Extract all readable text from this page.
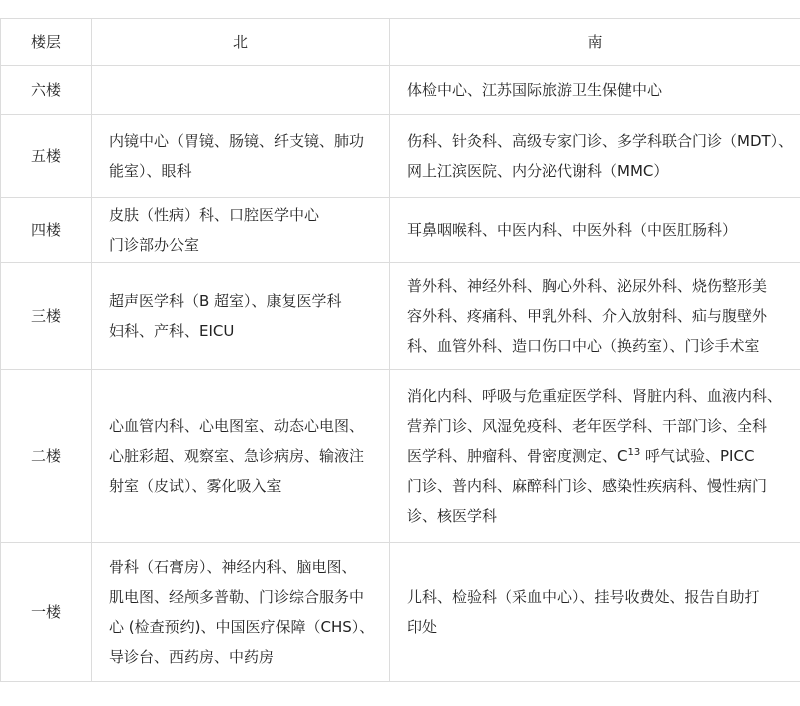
楼层	北	南
六楼		体检中心、江苏国际旅游卫生保健中心

五楼	内镜中心（胃镜、肠镜、纤支镜、肺功
能室）、眼科	伤科、针灸科、高级专家门诊、多学科联合门诊（MDT）、
网上江滨医院、内分泌代谢科（MMC）

四楼	皮肤（性病）科、口腔医学中心
门诊部办公室	耳鼻咽喉科、中医内科、中医外科（中医肛肠科）

三楼	超声医学科（B 超室）、康复医学科
妇科、产科、EICU	普外科、神经外科、胸心外科、泌尿外科、烧伤整形美
容外科、疼痛科、甲乳外科、介入放射科、疝与腹壁外
科、血管外科、造口伤口中心（换药室）、门诊手术室

二楼	心血管内科、心电图室、动态心电图、
心脏彩超、观察室、急诊病房、输液注
射室（皮试）、雾化吸入室	消化内科、呼吸与危重症医学科、肾脏内科、血液内科、
营养门诊、风湿免疫科、老年医学科、干部门诊、全科
医学科、肿瘤科、骨密度测定、$C^{13}$ 呼气试验、PICC
门诊、普内科、麻醉科门诊、感染性疾病科、慢性病门
诊、核医学科

一楼	骨科（石膏房）、神经内科、脑电图、
肌电图、经颅多普勒、门诊综合服务中
心 (检查预约)、中国医疗保障（CHS）、
导诊台、西药房、中药房	儿科、检验科（采血中心）、挂号收费处、报告自助打
印处
